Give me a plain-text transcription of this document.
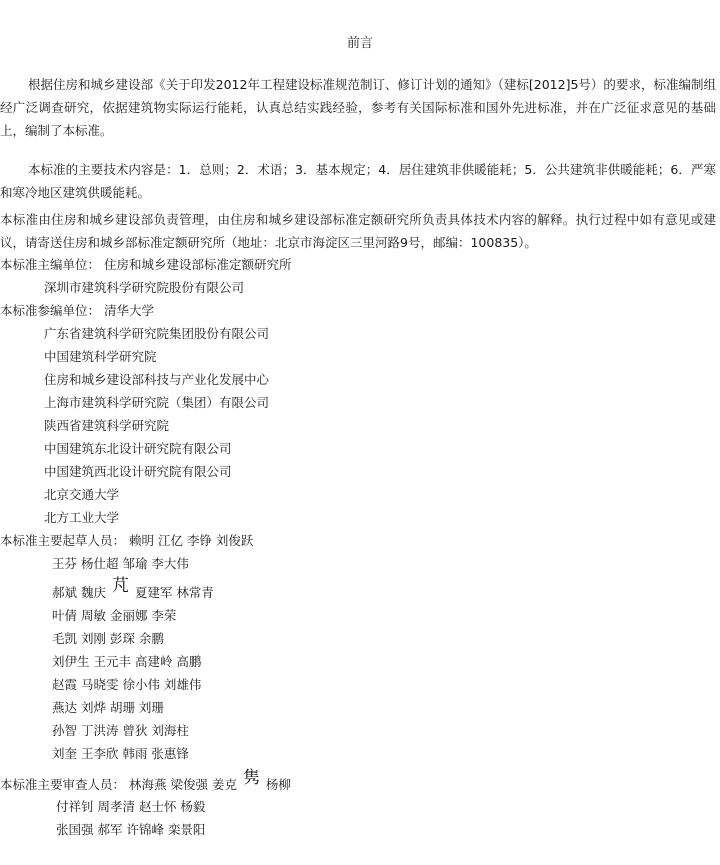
前言

根据住房和城乡建设部《关于印发2012年工程建设标准规范制订、修订计划的通知》（建标[2012]5号）的要求，标准编制组经广泛调查研究，依据建筑物实际运行能耗，认真总结实践经验，参考有关国际标准和国外先进标准，并在广泛征求意见的基础上，编制了本标准。

本标准的主要技术内容是：1．总则；2．术语；3．基本规定；4．居住建筑非供暖能耗；5．公共建筑非供暖能耗；6．严寒和寒冷地区建筑供暖能耗。

本标准由住房和城乡建设部负责管理，由住房和城乡建设部标准定额研究所负责具体技术内容的解释。执行过程中如有意见或建议，请寄送住房和城乡部标准定额研究所（地址：北京市海淀区三里河路9号，邮编：100835）。

本标准主编单位： 住房和城乡建设部标准定额研究所
深圳市建筑科学研究院股份有限公司
本标准参编单位： 清华大学
广东省建筑科学研究院集团股份有限公司
中国建筑科学研究院
住房和城乡建设部科技与产业化发展中心
上海市建筑科学研究院（集团）有限公司
陕西省建筑科学研究院
中国建筑东北设计研究院有限公司
中国建筑西北设计研究院有限公司
北京交通大学
北方工业大学
本标准主要起草人员： 赖明 江亿 李铮 刘俊跃
王芬 杨仕超 邹瑜 李大伟
郝斌 魏庆 芃 夏建军 林常青
叶倩 周敏 金丽娜 李荣
毛凯 刘刚 彭琛 余鹏
刘伊生 王元丰 高建岭 高鹏
赵霞 马晓雯 徐小伟 刘雄伟
燕达 刘烨 胡珊 刘珊
孙智 丁洪涛 曾狄 刘海柱
刘奎 王李欣 韩雨 张惠锋
本标准主要审查人员： 林海燕 梁俊强 姜克 隽 杨柳
付祥钊 周孝清 赵士怀 杨毅
张国强 郝军 许锦峰 栾景阳
